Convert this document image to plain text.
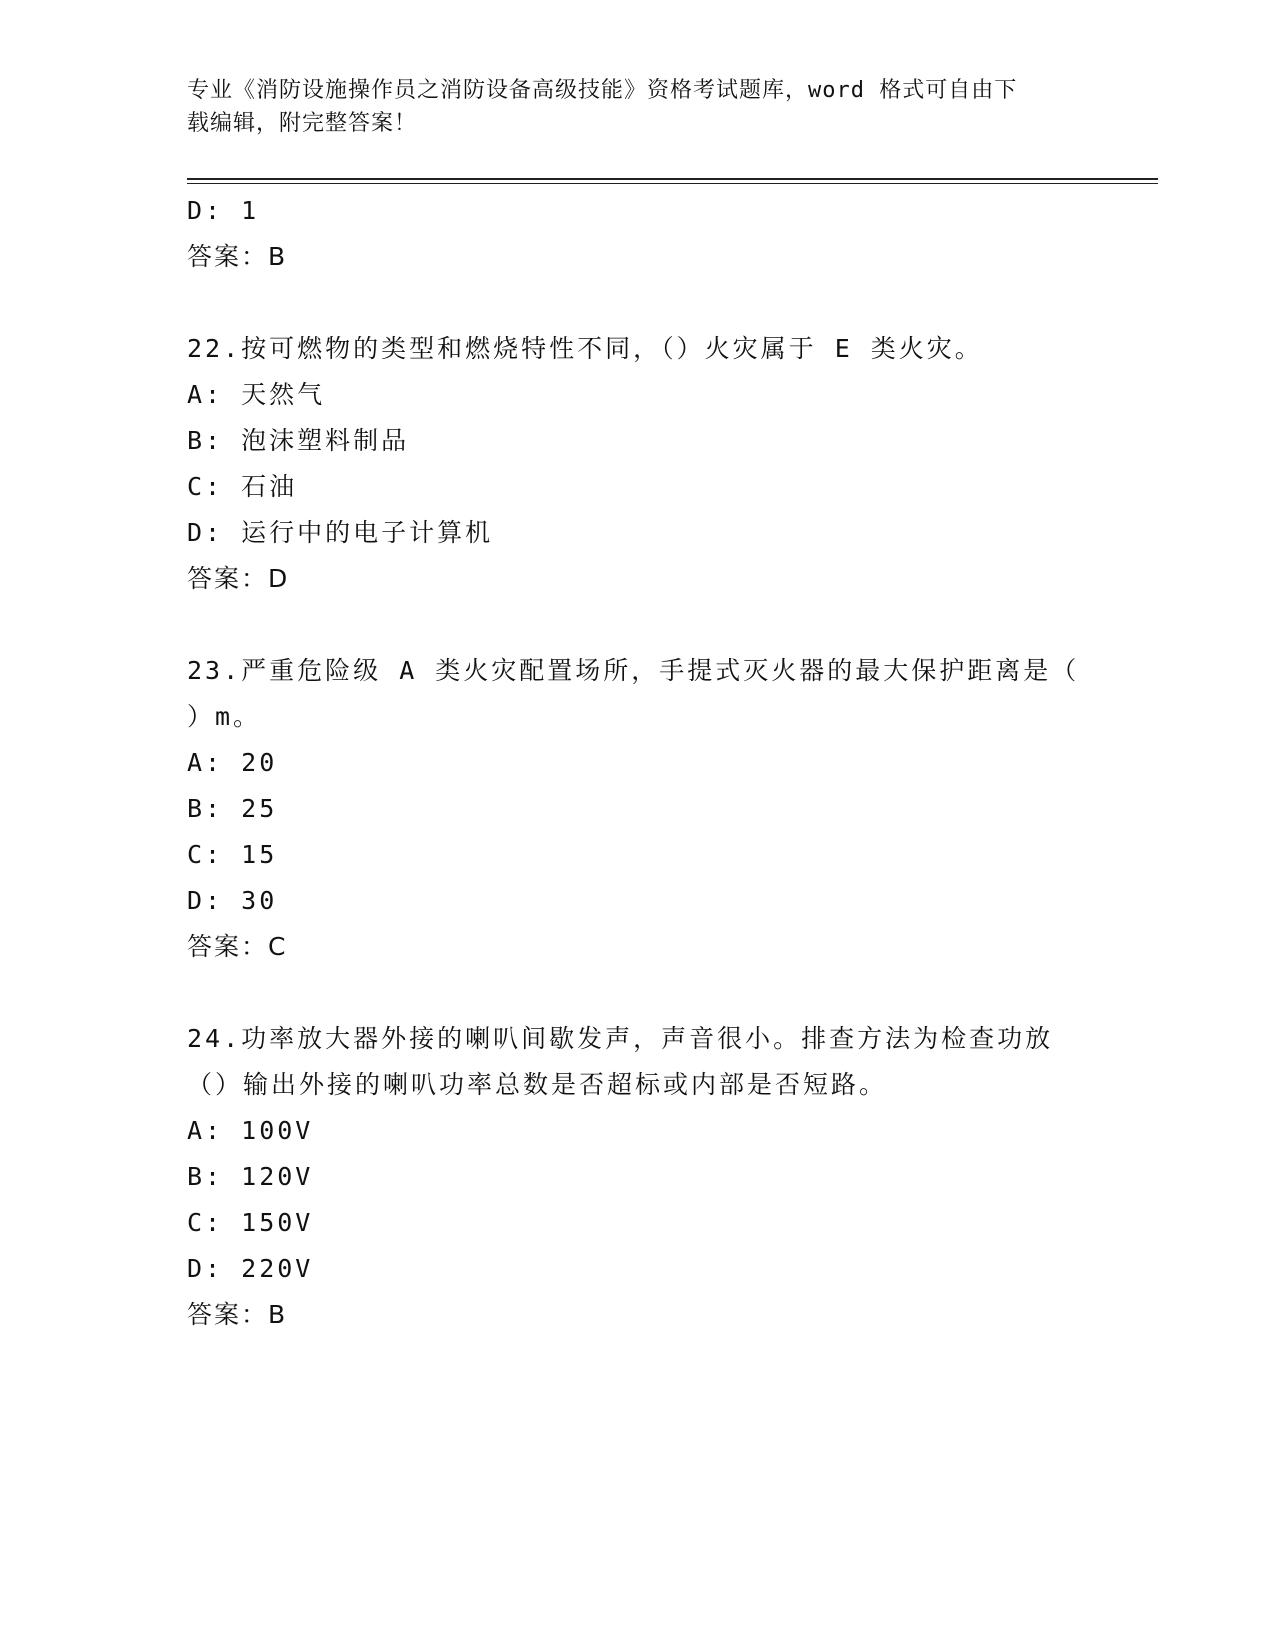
专业《消防设施操作员之消防设备高级技能》资格考试题库，word 格式可自由下
载编辑，附完整答案！
D: 1
答案：B
22.按可燃物的类型和燃烧特性不同，（）火灾属于 E 类火灾。
A: 天然气
B: 泡沫塑料制品
C: 石油
D: 运行中的电子计算机
答案：D
23.严重危险级 A 类火灾配置场所，手提式灭火器的最大保护距离是（
）m。
A: 20
B: 25
C: 15
D: 30
答案：C
24.功率放大器外接的喇叭间歇发声，声音很小。排查方法为检查功放
（）输出外接的喇叭功率总数是否超标或内部是否短路。
A: 100V
B: 120V
C: 150V
D: 220V
答案：B
